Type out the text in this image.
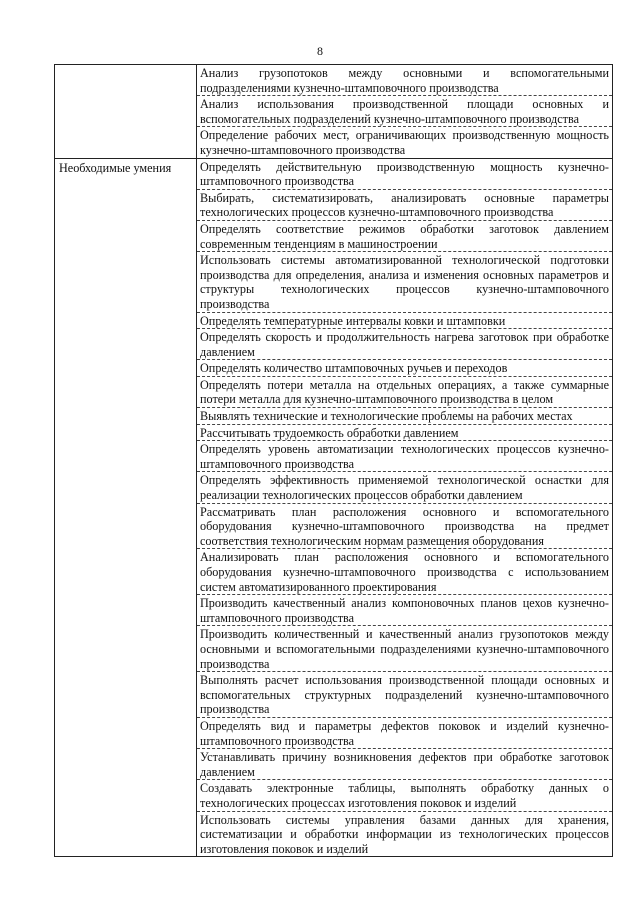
8
Анализ грузопотоков между основными и вспомогательными подразделениями кузнечно-штамповочного производства
Анализ использования производственной площади основных и вспомогательных подразделений кузнечно-штамповочного производства
Определение рабочих мест, ограничивающих производственную мощность кузнечно-штамповочного производства
Необходимые умения	Определять действительную производственную мощность кузнечно-штамповочного производства
Выбирать, систематизировать, анализировать основные параметры технологических процессов кузнечно-штамповочного производства
Определять соответствие режимов обработки заготовок давлением современным тенденциям в машиностроении
Использовать системы автоматизированной технологической подготовки производства для определения, анализа и изменения основных параметров и структуры технологических процессов кузнечно-штамповочного производства
Определять температурные интервалы ковки и штамповки
Определять скорость и продолжительность нагрева заготовок при обработке давлением
Определять количество штамповочных ручьев и переходов
Определять потери металла на отдельных операциях, а также суммарные потери металла для кузнечно-штамповочного производства в целом
Выявлять технические и технологические проблемы на рабочих местах
Рассчитывать трудоемкость обработки давлением
Определять уровень автоматизации технологических процессов кузнечно-штамповочного производства
Определять эффективность применяемой технологической оснастки для реализации технологических процессов обработки давлением
Рассматривать план расположения основного и вспомогательного оборудования кузнечно-штамповочного производства на предмет соответствия технологическим нормам размещения оборудования
Анализировать план расположения основного и вспомогательного оборудования кузнечно-штамповочного производства с использованием систем автоматизированного проектирования
Производить качественный анализ компоновочных планов цехов кузнечно-штамповочного производства
Производить количественный и качественный анализ грузопотоков между основными и вспомогательными подразделениями кузнечно-штамповочного производства
Выполнять расчет использования производственной площади основных и вспомогательных структурных подразделений кузнечно-штамповочного производства
Определять вид и параметры дефектов поковок и изделий кузнечно-штамповочного производства
Устанавливать причину возникновения дефектов при обработке заготовок давлением
Создавать электронные таблицы, выполнять обработку данных о технологических процессах изготовления поковок и изделий
Использовать системы управления базами данных для хранения, систематизации и обработки информации из технологических процессов изготовления поковок и изделий
